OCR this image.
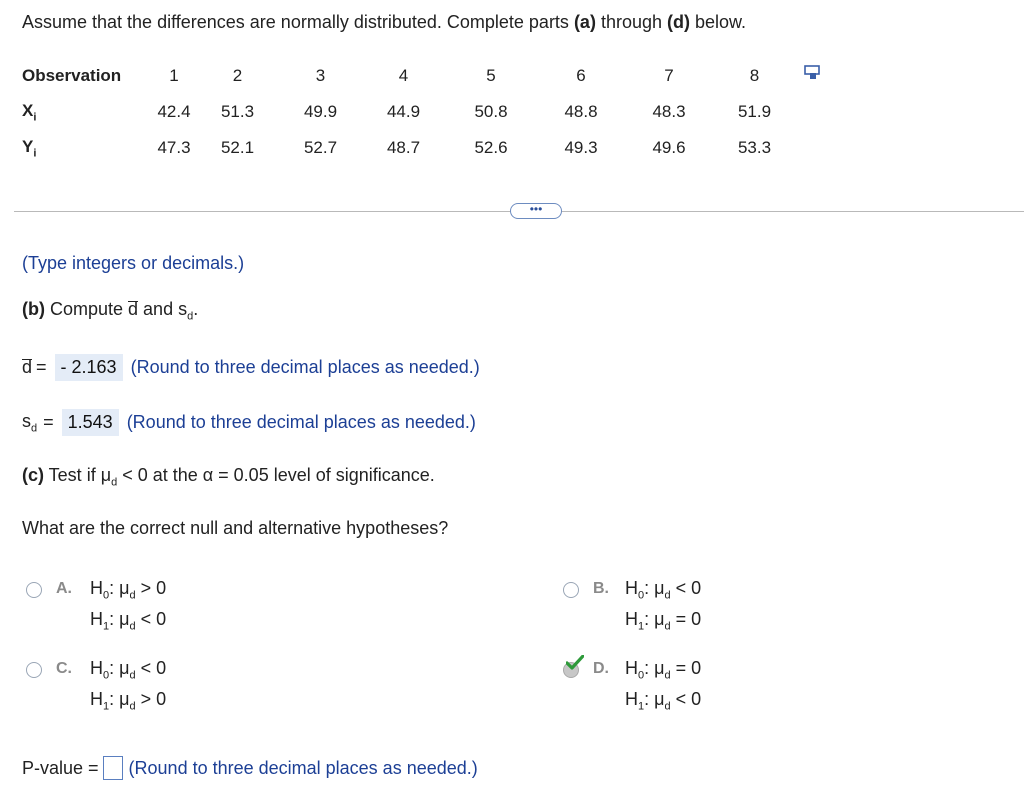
Assume that the differences are normally distributed. Complete parts (a) through (d) below.
Observation	1	2	3	4	5	6	7	8
$X_i$	42.4	51.3	49.9	44.9	50.8	48.8	48.3	51.9
$Y_i$	47.3	52.1	52.7	48.7	52.6	49.3	49.6	53.3
•••
(Type integers or decimals.)
(b) Compute d and $s_d$.
d = - 2.163 (Round to three decimal places as needed.)
$s_d = 1.543$ (Round to three decimal places as needed.)
(c) Test if $\mu_d < 0$ at the α = 0.05 level of significance.
What are the correct null and alternative hypotheses?
A. $H_0$: $\mu_d > 0$
$H_1$: $\mu_d < 0$
B. $H_0$: $\mu_d < 0$
$H_1$: $\mu_d = 0$
C. $H_0$: $\mu_d < 0$
$H_1$: $\mu_d > 0$
D. $H_0$: $\mu_d = 0$
$H_1$: $\mu_d < 0$
P-value = (Round to three decimal places as needed.)
